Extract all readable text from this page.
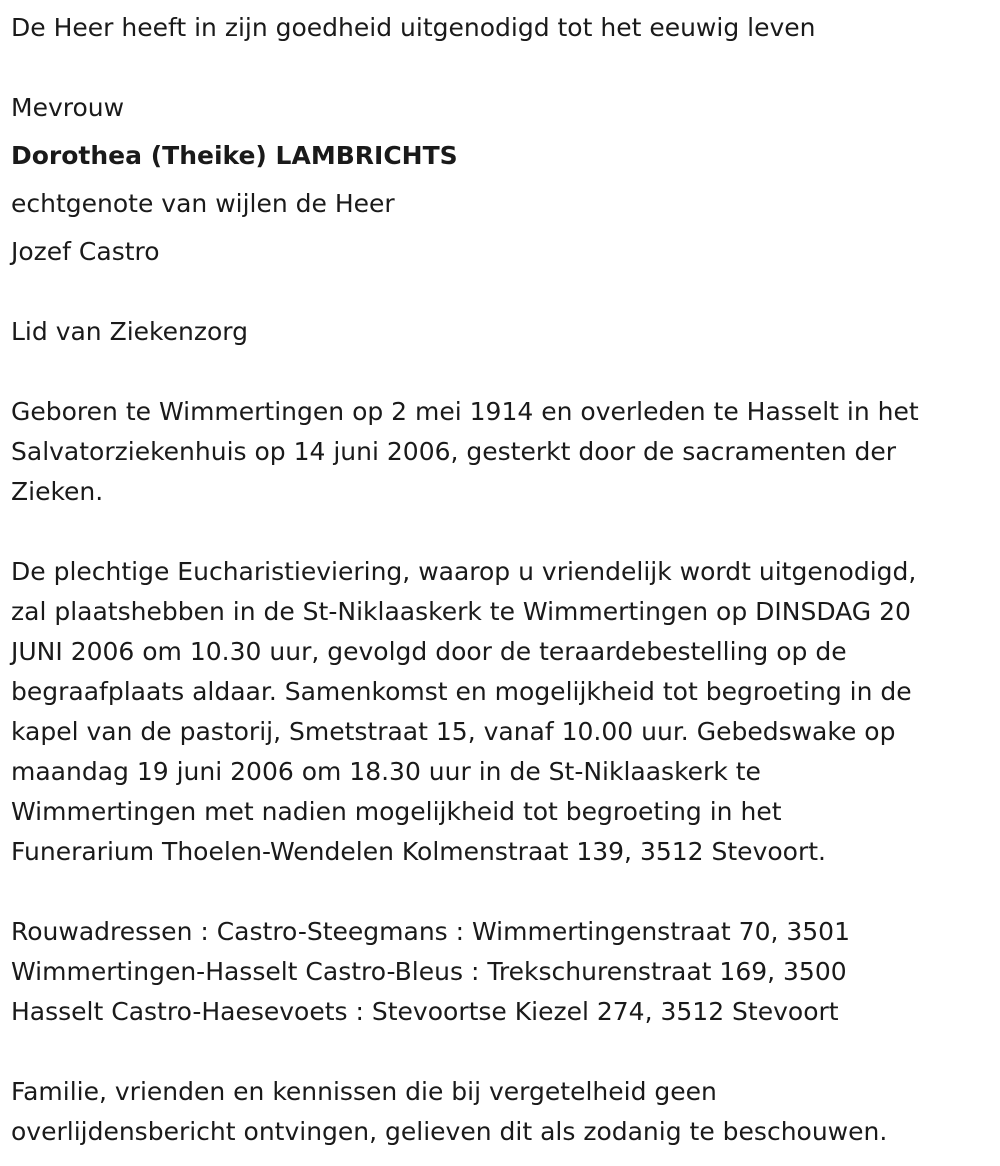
De Heer heeft in zijn goedheid uitgenodigd tot het eeuwig leven
Mevrouw
Dorothea (Theike) LAMBRICHTS
echtgenote van wijlen de Heer
Jozef Castro
Lid van Ziekenzorg
Geboren te Wimmertingen op 2 mei 1914 en overleden te Hasselt in het
Salvatorziekenhuis op 14 juni 2006, gesterkt door de sacramenten der
Zieken.
De plechtige Eucharistieviering, waarop u vriendelijk wordt uitgenodigd,
zal plaatshebben in de St-Niklaaskerk te Wimmertingen op DINSDAG 20
JUNI 2006 om 10.30 uur, gevolgd door de teraardebestelling op de
begraafplaats aldaar. Samenkomst en mogelijkheid tot begroeting in de
kapel van de pastorij, Smetstraat 15, vanaf 10.00 uur. Gebedswake op
maandag 19 juni 2006 om 18.30 uur in de St-Niklaaskerk te
Wimmertingen met nadien mogelijkheid tot begroeting in het
Funerarium Thoelen-Wendelen Kolmenstraat 139, 3512 Stevoort.
Rouwadressen : Castro-Steegmans : Wimmertingenstraat 70, 3501
Wimmertingen-Hasselt Castro-Bleus : Trekschurenstraat 169, 3500
Hasselt Castro-Haesevoets : Stevoortse Kiezel 274, 3512 Stevoort
Familie, vrienden en kennissen die bij vergetelheid geen
overlijdensbericht ontvingen, gelieven dit als zodanig te beschouwen.
